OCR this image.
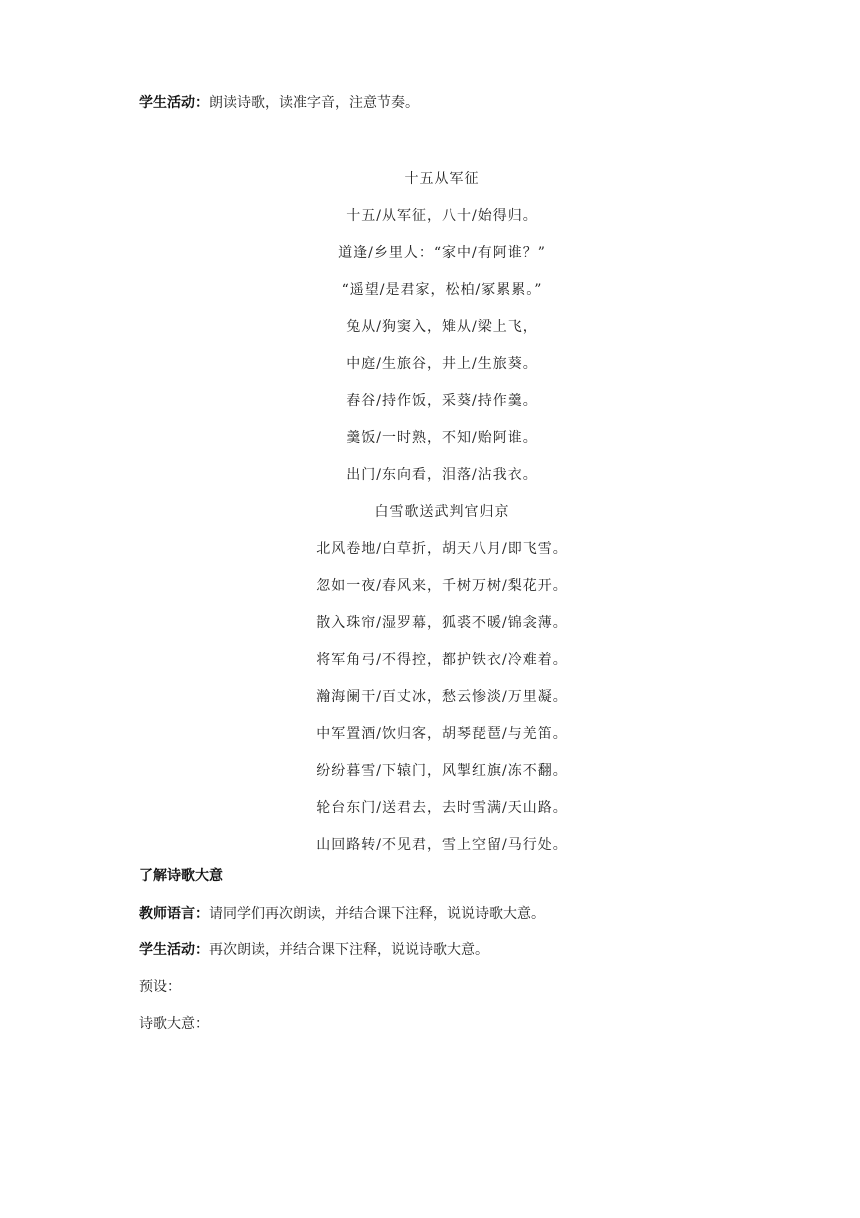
学生活动：朗读诗歌，读准字音，注意节奏。
十五从军征
十五/从军征，八十/始得归。
道逢/乡里人：“家中/有阿谁？”
“遥望/是君家，松柏/冢累累。”
兔从/狗窦入，雉从/梁上飞，
中庭/生旅谷，井上/生旅葵。
舂谷/持作饭，采葵/持作羹。
羹饭/一时熟，不知/贻阿谁。
出门/东向看，泪落/沾我衣。
白雪歌送武判官归京
北风卷地/白草折，胡天八月/即飞雪。
忽如一夜/春风来，千树万树/梨花开。
散入珠帘/湿罗幕，狐裘不暖/锦衾薄。
将军角弓/不得控，都护铁衣/冷难着。
瀚海阑干/百丈冰，愁云惨淡/万里凝。
中军置酒/饮归客，胡琴琵琶/与羌笛。
纷纷暮雪/下辕门，风掣红旗/冻不翻。
轮台东门/送君去，去时雪满/天山路。
山回路转/不见君，雪上空留/马行处。
了解诗歌大意
教师语言：请同学们再次朗读，并结合课下注释，说说诗歌大意。
学生活动：再次朗读，并结合课下注释，说说诗歌大意。
预设：
诗歌大意：
